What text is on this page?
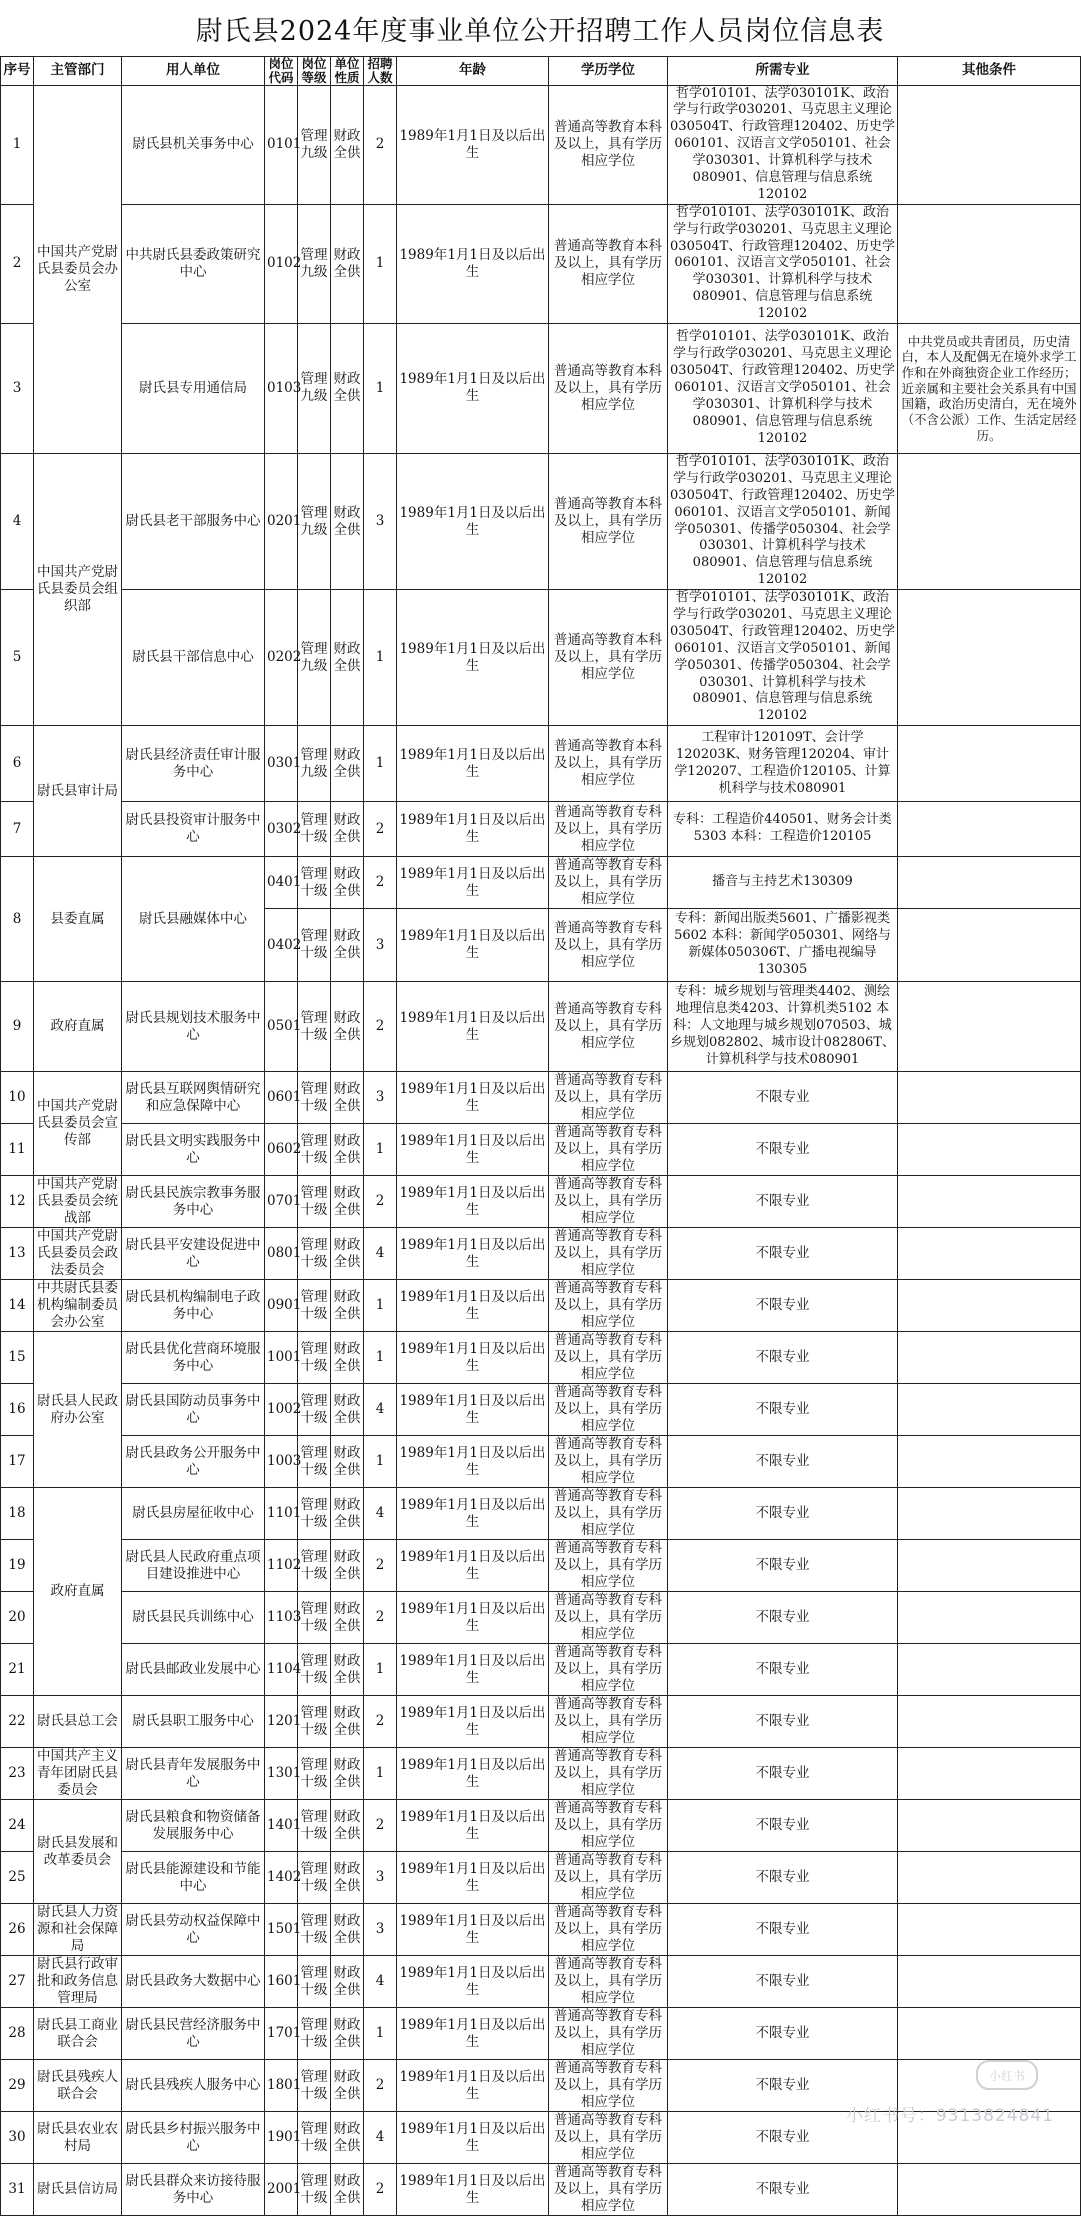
尉氏县2024年度事业单位公开招聘工作人员岗位信息表
序号	主管部门	用人单位	岗位代码	岗位等级	单位性质	招聘人数	年龄	学历学位	所需专业	其他条件
1	中国共产党尉氏县委员会办公室	尉氏县机关事务中心	0101	管理九级	财政全供	2	1989年1月1日及以后出生	普通高等教育本科及以上，具有学历相应学位	哲学010101、法学030101K、政治学与行政学030201、马克思主义理论030504T、行政管理120402、历史学060101、汉语言文学050101、社会学030301、计算机科学与技术080901、信息管理与信息系统120102	
2		中共尉氏县委政策研究中心	0102	管理九级	财政全供	1	1989年1月1日及以后出生	普通高等教育本科及以上，具有学历相应学位	哲学010101、法学030101K、政治学与行政学030201、马克思主义理论030504T、行政管理120402、历史学060101、汉语言文学050101、社会学030301、计算机科学与技术080901、信息管理与信息系统120102	
3		尉氏县专用通信局	0103	管理九级	财政全供	1	1989年1月1日及以后出生	普通高等教育本科及以上，具有学历相应学位	哲学010101、法学030101K、政治学与行政学030201、马克思主义理论030504T、行政管理120402、历史学060101、汉语言文学050101、社会学030301、计算机科学与技术080901、信息管理与信息系统120102	中共党员或共青团员，历史清白，本人及配偶无在境外求学工作和在外商独资企业工作经历；近亲属和主要社会关系具有中国国籍，政治历史清白，无在境外（不含公派）工作、生活定居经历。
4	中国共产党尉氏县委员会组织部	尉氏县老干部服务中心	0201	管理九级	财政全供	3	1989年1月1日及以后出生	普通高等教育本科及以上，具有学历相应学位	哲学010101、法学030101K、政治学与行政学030201、马克思主义理论030504T、行政管理120402、历史学060101、汉语言文学050101、新闻学050301、传播学050304、社会学030301、计算机科学与技术080901、信息管理与信息系统120102	
5		尉氏县干部信息中心	0202	管理九级	财政全供	1	1989年1月1日及以后出生	普通高等教育本科及以上，具有学历相应学位	哲学010101、法学030101K、政治学与行政学030201、马克思主义理论030504T、行政管理120402、历史学060101、汉语言文学050101、新闻学050301、传播学050304、社会学030301、计算机科学与技术080901、信息管理与信息系统120102	
6	尉氏县审计局	尉氏县经济责任审计服务中心	0301	管理九级	财政全供	1	1989年1月1日及以后出生	普通高等教育本科及以上，具有学历相应学位	工程审计120109T、会计学120203K、财务管理120204、审计学120207、工程造价120105、计算机科学与技术080901	
7		尉氏县投资审计服务中心	0302	管理十级	财政全供	2	1989年1月1日及以后出生	普通高等教育专科及以上，具有学历相应学位	专科：工程造价440501、财务会计类5303 本科：工程造价120105	
8	县委直属	尉氏县融媒体中心	0401	管理十级	财政全供	2	1989年1月1日及以后出生	普通高等教育专科及以上，具有学历相应学位	播音与主持艺术130309	
			0402	管理十级	财政全供	3	1989年1月1日及以后出生	普通高等教育专科及以上，具有学历相应学位	专科：新闻出版类5601、广播影视类5602 本科：新闻学050301、网络与新媒体050306T、广播电视编导130305	
9	政府直属	尉氏县规划技术服务中心	0501	管理十级	财政全供	2	1989年1月1日及以后出生	普通高等教育专科及以上，具有学历相应学位	专科：城乡规划与管理类4402、测绘地理信息类4203、计算机类5102 本科：人文地理与城乡规划070503、城乡规划082802、城市设计082806T、计算机科学与技术080901	
10	中国共产党尉氏县委员会宣传部	尉氏县互联网舆情研究和应急保障中心	0601	管理十级	财政全供	3	1989年1月1日及以后出生	普通高等教育专科及以上，具有学历相应学位	不限专业	
11		尉氏县文明实践服务中心	0602	管理十级	财政全供	1	1989年1月1日及以后出生	普通高等教育专科及以上，具有学历相应学位	不限专业	
12	中国共产党尉氏县委员会统战部	尉氏县民族宗教事务服务中心	0701	管理十级	财政全供	2	1989年1月1日及以后出生	普通高等教育专科及以上，具有学历相应学位	不限专业	
13	中国共产党尉氏县委员会政法委员会	尉氏县平安建设促进中心	0801	管理十级	财政全供	4	1989年1月1日及以后出生	普通高等教育专科及以上，具有学历相应学位	不限专业	
14	中共尉氏县委机构编制委员会办公室	尉氏县机构编制电子政务中心	0901	管理十级	财政全供	1	1989年1月1日及以后出生	普通高等教育专科及以上，具有学历相应学位	不限专业	
15	尉氏县人民政府办公室	尉氏县优化营商环境服务中心	1001	管理十级	财政全供	1	1989年1月1日及以后出生	普通高等教育专科及以上，具有学历相应学位	不限专业	
16		尉氏县国防动员事务中心	1002	管理十级	财政全供	4	1989年1月1日及以后出生	普通高等教育专科及以上，具有学历相应学位	不限专业	
17		尉氏县政务公开服务中心	1003	管理十级	财政全供	1	1989年1月1日及以后出生	普通高等教育专科及以上，具有学历相应学位	不限专业	
18	政府直属	尉氏县房屋征收中心	1101	管理十级	财政全供	4	1989年1月1日及以后出生	普通高等教育专科及以上，具有学历相应学位	不限专业	
19		尉氏县人民政府重点项目建设推进中心	1102	管理十级	财政全供	2	1989年1月1日及以后出生	普通高等教育专科及以上，具有学历相应学位	不限专业	
20		尉氏县民兵训练中心	1103	管理十级	财政全供	2	1989年1月1日及以后出生	普通高等教育专科及以上，具有学历相应学位	不限专业	
21		尉氏县邮政业发展中心	1104	管理十级	财政全供	1	1989年1月1日及以后出生	普通高等教育专科及以上，具有学历相应学位	不限专业	
22	尉氏县总工会	尉氏县职工服务中心	1201	管理十级	财政全供	2	1989年1月1日及以后出生	普通高等教育专科及以上，具有学历相应学位	不限专业	
23	中国共产主义青年团尉氏县委员会	尉氏县青年发展服务中心	1301	管理十级	财政全供	1	1989年1月1日及以后出生	普通高等教育专科及以上，具有学历相应学位	不限专业	
24	尉氏县发展和改革委员会	尉氏县粮食和物资储备发展服务中心	1401	管理十级	财政全供	2	1989年1月1日及以后出生	普通高等教育专科及以上，具有学历相应学位	不限专业	
25		尉氏县能源建设和节能中心	1402	管理十级	财政全供	3	1989年1月1日及以后出生	普通高等教育专科及以上，具有学历相应学位	不限专业	
26	尉氏县人力资源和社会保障局	尉氏县劳动权益保障中心	1501	管理十级	财政全供	3	1989年1月1日及以后出生	普通高等教育专科及以上，具有学历相应学位	不限专业	
27	尉氏县行政审批和政务信息管理局	尉氏县政务大数据中心	1601	管理十级	财政全供	4	1989年1月1日及以后出生	普通高等教育专科及以上，具有学历相应学位	不限专业	
28	尉氏县工商业联合会	尉氏县民营经济服务中心	1701	管理十级	财政全供	1	1989年1月1日及以后出生	普通高等教育专科及以上，具有学历相应学位	不限专业	
29	尉氏县残疾人联合会	尉氏县残疾人服务中心	1801	管理十级	财政全供	2	1989年1月1日及以后出生	普通高等教育专科及以上，具有学历相应学位	不限专业	
30	尉氏县农业农村局	尉氏县乡村振兴服务中心	1901	管理十级	财政全供	4	1989年1月1日及以后出生	普通高等教育专科及以上，具有学历相应学位	不限专业	
31	尉氏县信访局	尉氏县群众来访接待服务中心	2001	管理十级	财政全供	2	1989年1月1日及以后出生	普通高等教育专科及以上，具有学历相应学位	不限专业	
小红书
小红书号：9313824841
